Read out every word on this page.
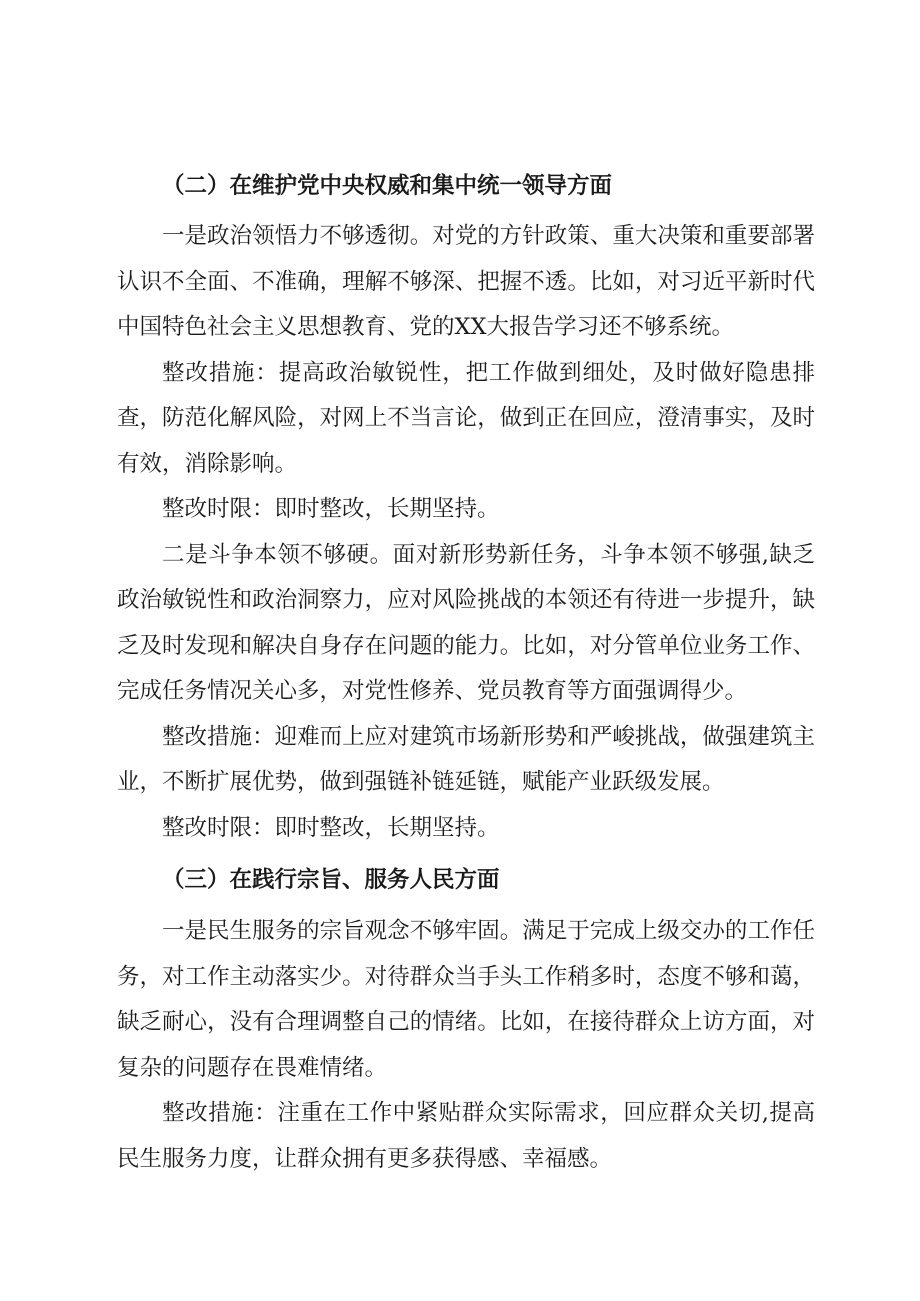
（二）在维护党中央权威和集中统一领导方面

一是政治领悟力不够透彻。对党的方针政策、重大决策和重要部署认识不全面、不准确，理解不够深、把握不透。比如，对习近平新时代中国特色社会主义思想教育、党的XX大报告学习还不够系统。

整改措施：提高政治敏锐性，把工作做到细处，及时做好隐患排查，防范化解风险，对网上不当言论，做到正在回应，澄清事实，及时有效，消除影响。

整改时限：即时整改，长期坚持。

二是斗争本领不够硬。面对新形势新任务，斗争本领不够强,缺乏政治敏锐性和政治洞察力，应对风险挑战的本领还有待进一步提升，缺乏及时发现和解决自身存在问题的能力。比如，对分管单位业务工作、完成任务情况关心多，对党性修养、党员教育等方面强调得少。

整改措施：迎难而上应对建筑市场新形势和严峻挑战，做强建筑主业，不断扩展优势，做到强链补链延链，赋能产业跃级发展。

整改时限：即时整改，长期坚持。

（三）在践行宗旨、服务人民方面

一是民生服务的宗旨观念不够牢固。满足于完成上级交办的工作任务，对工作主动落实少。对待群众当手头工作稍多时，态度不够和蔼，缺乏耐心，没有合理调整自己的情绪。比如，在接待群众上访方面，对复杂的问题存在畏难情绪。

整改措施：注重在工作中紧贴群众实际需求，回应群众关切,提高民生服务力度，让群众拥有更多获得感、幸福感。
